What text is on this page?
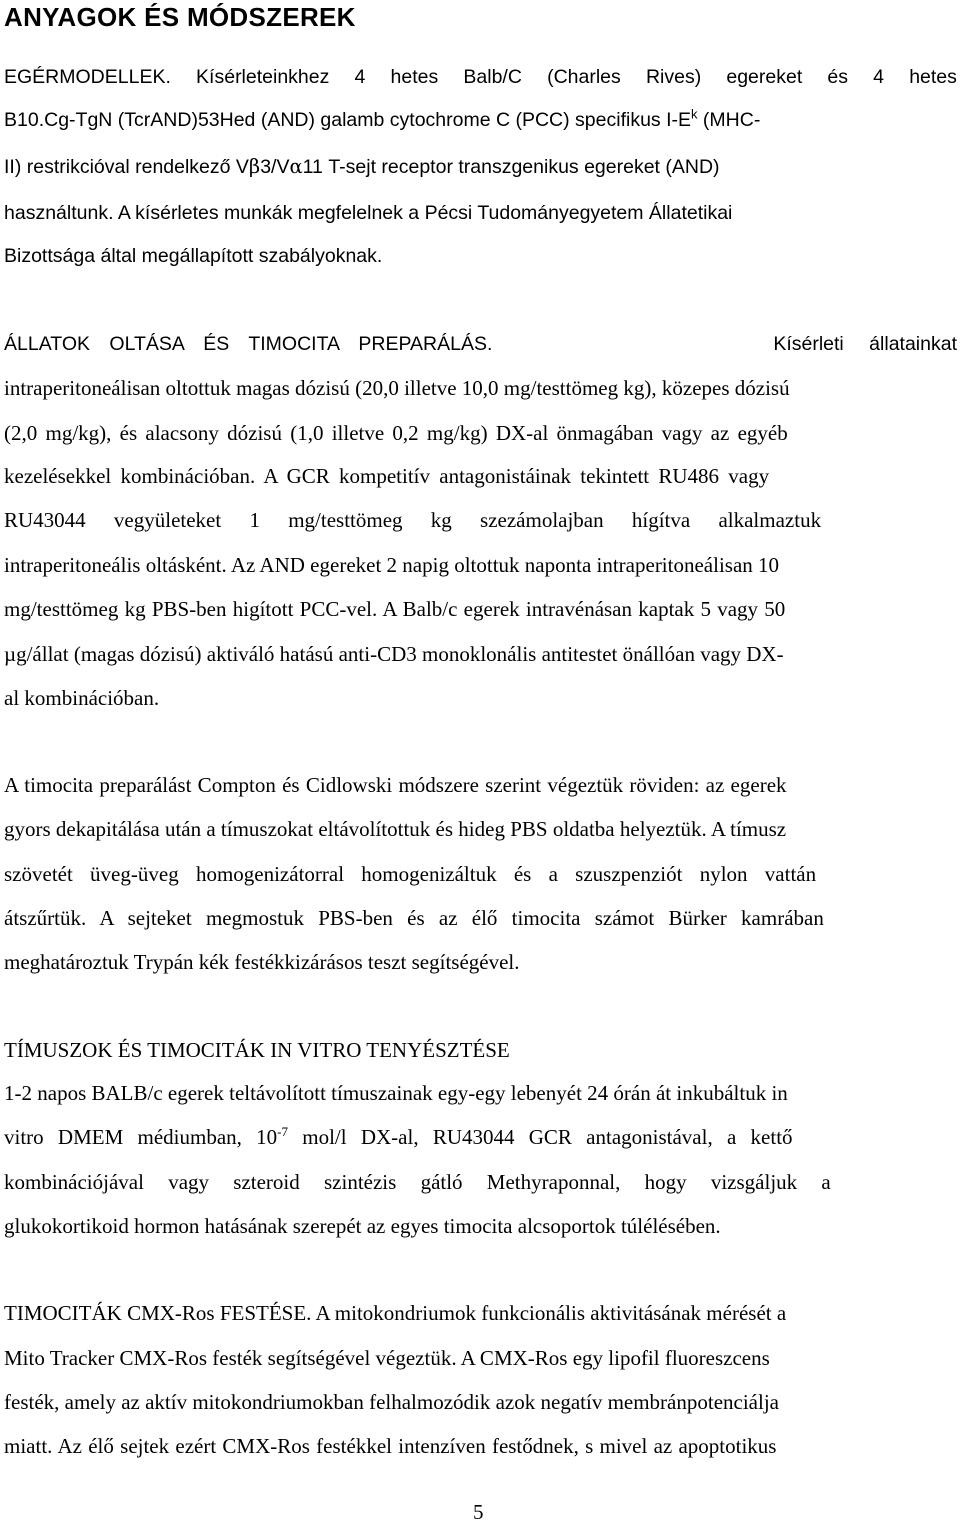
ANYAGOK ÉS MÓDSZEREK
EGÉRMODELLEK. Kísérleteinkhez 4 hetes Balb/C (Charles Rives) egereket és 4 hetes
B10.Cg-TgN (TcrAND)53Hed (AND) galamb cytochrome C (PCC) specifikus $I-E^k$ (MHC-
II) restrikcióval rendelkező Vβ3/Vα11 T-sejt receptor transzgenikus egereket (AND)
használtunk. A kísérletes munkák megfelelnek a Pécsi Tudományegyetem Állatetikai
Bizottsága által megállapított szabályoknak.
ÁLLATOK OLTÁSA ÉS TIMOCITA PREPARÁLÁS.	Kísérleti állatainkat
intraperitoneálisan oltottuk magas dózisú (20,0 illetve 10,0 mg/testtömeg kg), közepes dózisú
(2,0 mg/kg), és alacsony dózisú (1,0 illetve 0,2 mg/kg) DX-al önmagában vagy az egyéb
kezelésekkel kombinációban. A GCR kompetitív antagonistáinak tekintett RU486 vagy
RU43044 vegyületeket 1 mg/testtömeg kg szezámolajban hígítva alkalmaztuk
intraperitoneális oltásként. Az AND egereket 2 napig oltottuk naponta intraperitoneálisan 10
mg/testtömeg kg PBS-ben higított PCC-vel. A Balb/c egerek intravénásan kaptak 5 vagy 50
µg/állat (magas dózisú) aktiváló hatású anti-CD3 monoklonális antitestet önállóan vagy DX-
al kombinációban.
A timocita preparálást Compton és Cidlowski módszere szerint végeztük röviden: az egerek
gyors dekapitálása után a tímuszokat eltávolítottuk és hideg PBS oldatba helyeztük. A tímusz
szövetét üveg-üveg homogenizátorral homogenizáltuk és a szuszpenziót nylon vattán
átszűrtük. A sejteket megmostuk PBS-ben és az élő timocita számot Bürker kamrában
meghatároztuk Trypán kék festékkizárásos teszt segítségével.
TÍMUSZOK ÉS TIMOCITÁK IN VITRO TENYÉSZTÉSE
1-2 napos BALB/c egerek teltávolított tímuszainak egy-egy lebenyét 24 órán át inkubáltuk in
vitro DMEM médiumban, $10^{-7}$ mol/l DX-al, RU43044 GCR antagonistával, a kettő
kombinációjával vagy szteroid szintézis gátló Methyraponnal, hogy vizsgáljuk a
glukokortikoid hormon hatásának szerepét az egyes timocita alcsoportok túlélésében.
TIMOCITÁK CMX-Ros FESTÉSE. A mitokondriumok funkcionális aktivitásának mérését a
Mito Tracker CMX-Ros festék segítségével végeztük. A CMX-Ros egy lipofil fluoreszcens
festék, amely az aktív mitokondriumokban felhalmozódik azok negatív membránpotenciálja
miatt. Az élő sejtek ezért CMX-Ros festékkel intenzíven festődnek, s mivel az apoptotikus
5
